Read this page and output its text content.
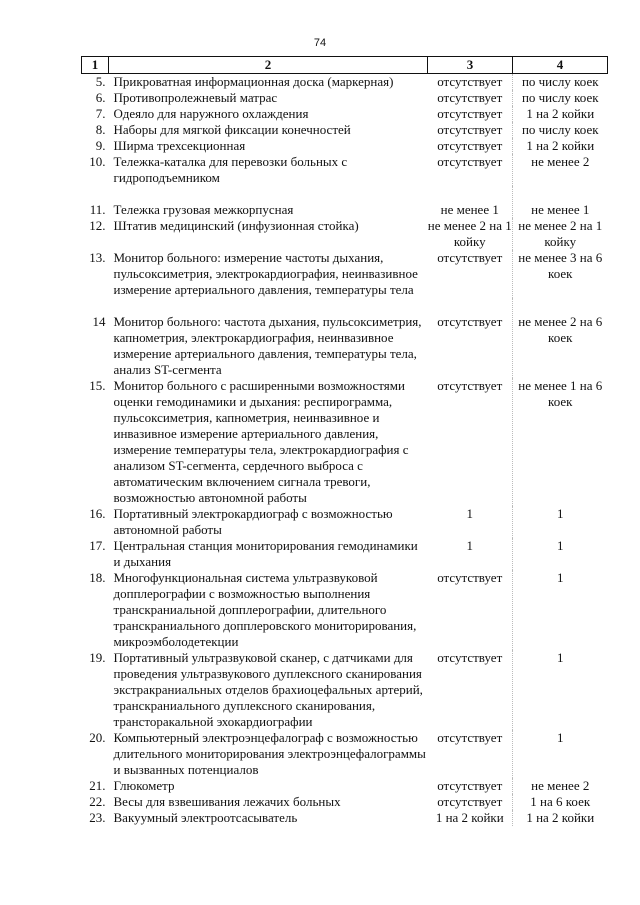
74
1	2	3	4
5.	Прикроватная информационная доска (маркерная)	отсутствует	по числу коек
6.	Противопролежневый матрас	отсутствует	по числу коек
7.	Одеяло для наружного охлаждения	отсутствует	1 на 2 койки
8.	Наборы для мягкой фиксации конечностей	отсутствует	по числу коек
9.	Ширма трехсекционная	отсутствует	1 на 2 койки
10.	Тележка-каталка для перевозки больных с гидроподъемником	отсутствует	не менее 2
11.	Тележка грузовая межкорпусная	не менее 1	не менее 1
12.	Штатив медицинский (инфузионная стойка)	не менее 2 на 1 койку	не менее 2 на 1 койку
13.	Монитор больного: измерение частоты дыхания, пульсоксиметрия, электрокардиография, неинвазивное измерение артериального давления, температуры тела	отсутствует	не менее 3 на 6 коек
14	Монитор больного: частота дыхания, пульсоксиметрия, капнометрия, электрокардиография, неинвазивное измерение артериального давления, температуры тела, анализ ST-сегмента	отсутствует	не менее 2 на 6 коек
15.	Монитор больного с расширенными возможностями оценки гемодинамики и дыхания: респирограмма, пульсоксиметрия, капнометрия, неинвазивное и инвазивное измерение артериального давления, измерение температуры тела, электрокардиография с анализом ST-сегмента, сердечного выброса с автоматическим включением сигнала тревоги, возможностью автономной работы	отсутствует	не менее 1 на 6 коек
16.	Портативный электрокардиограф с возможностью автономной работы	1	1
17.	Центральная станция мониторирования гемодинамики и дыхания	1	1
18.	Многофункциональная система ультразвуковой допплерографии с возможностью выполнения транскраниальной допплерографии, длительного транскраниального допплеровского мониторирования, микроэмболодетекции	отсутствует	1
19.	Портативный ультразвуковой сканер, с датчиками для проведения ультразвукового дуплексного сканирования экстракраниальных отделов брахиоцефальных артерий, транскраниального дуплексного сканирования, трансторакальной эхокардиографии	отсутствует	1
20.	Компьютерный электроэнцефалограф с возможностью длительного мониторирования электроэнцефалограммы и вызванных потенциалов	отсутствует	1
21.	Глюкометр	отсутствует	не менее 2
22.	Весы для взвешивания лежачих больных	отсутствует	1 на 6 коек
23.	Вакуумный электроотсасыватель	1 на 2 койки	1 на 2 койки
